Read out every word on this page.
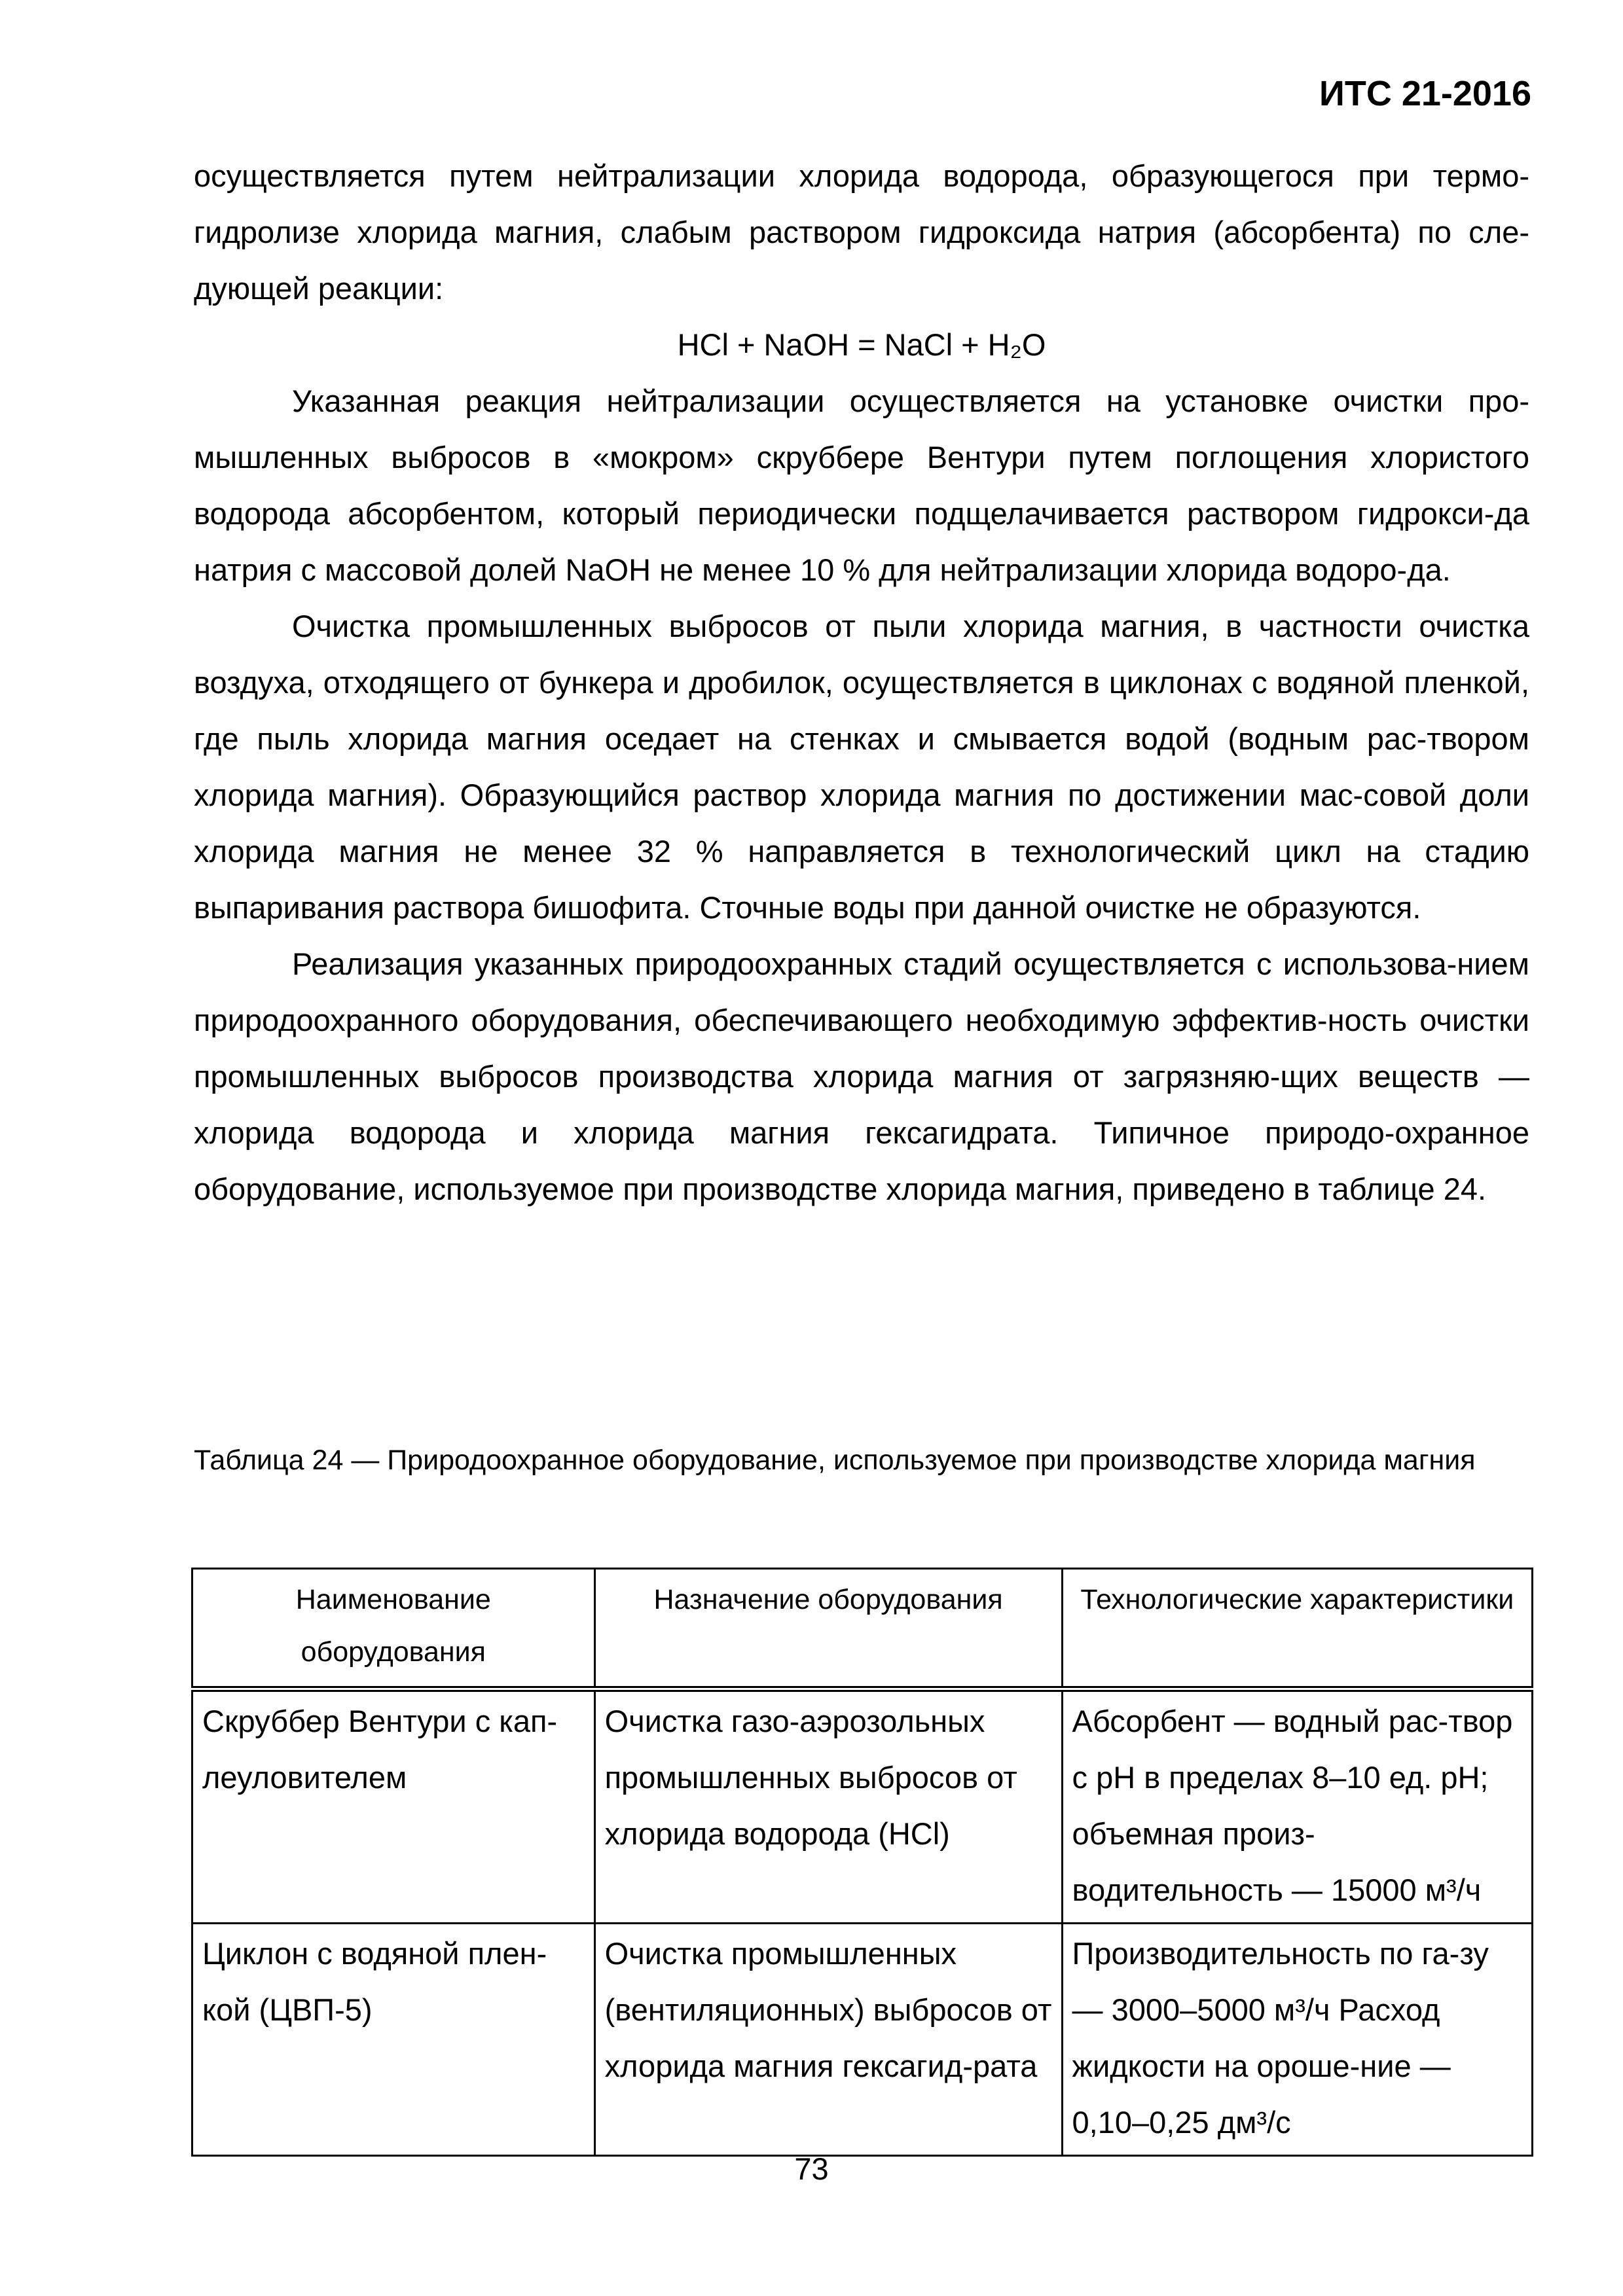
ИТС 21-2016

осуществляется путем нейтрализации хлорида водорода, образующегося при термо-гидролизе хлорида магния, слабым раствором гидроксида натрия (абсорбента) по сле-дующей реакции:

HCl + NaOH = NaCl + H₂O

Указанная реакция нейтрализации осуществляется на установке очистки про-мышленных выбросов в «мокром» скруббере Вентури путем поглощения хлористого водорода абсорбентом, который периодически подщелачивается раствором гидрокси-да натрия с массовой долей NaOH не менее 10 % для нейтрализации хлорида водоро-да.

Очистка промышленных выбросов от пыли хлорида магния, в частности очистка воздуха, отходящего от бункера и дробилок, осуществляется в циклонах с водяной пленкой, где пыль хлорида магния оседает на стенках и смывается водой (водным рас-твором хлорида магния). Образующийся раствор хлорида магния по достижении мас-совой доли хлорида магния не менее 32 % направляется в технологический цикл на стадию выпаривания раствора бишофита. Сточные воды при данной очистке не образуются.

Реализация указанных природоохранных стадий осуществляется с использова-нием природоохранного оборудования, обеспечивающего необходимую эффектив-ность очистки промышленных выбросов производства хлорида магния от загрязняю-щих веществ — хлорида водорода и хлорида магния гексагидрата. Типичное природо-охранное оборудование, используемое при производстве хлорида магния, приведено в таблице 24.

Таблица 24 — Природоохранное оборудование, используемое при производстве хлорида магния
Наименование оборудования	Назначение оборудования	Технологические характеристики
Скруббер Вентури с кап-леуловителем	Очистка газо-аэрозольных промышленных выбросов от хлорида водорода (HCl)	Абсорбент — водный рас-твор с рН в пределах 8–10 ед. рН; объемная произ-водительность — 15000 м³/ч
Циклон с водяной плен-кой (ЦВП-5)	Очистка промышленных (вентиляционных) выбросов от хлорида магния гексагид-рата	Производительность по га-зу — 3000–5000 м³/ч Расход жидкости на ороше-ние — 0,10–0,25 дм³/с
73
